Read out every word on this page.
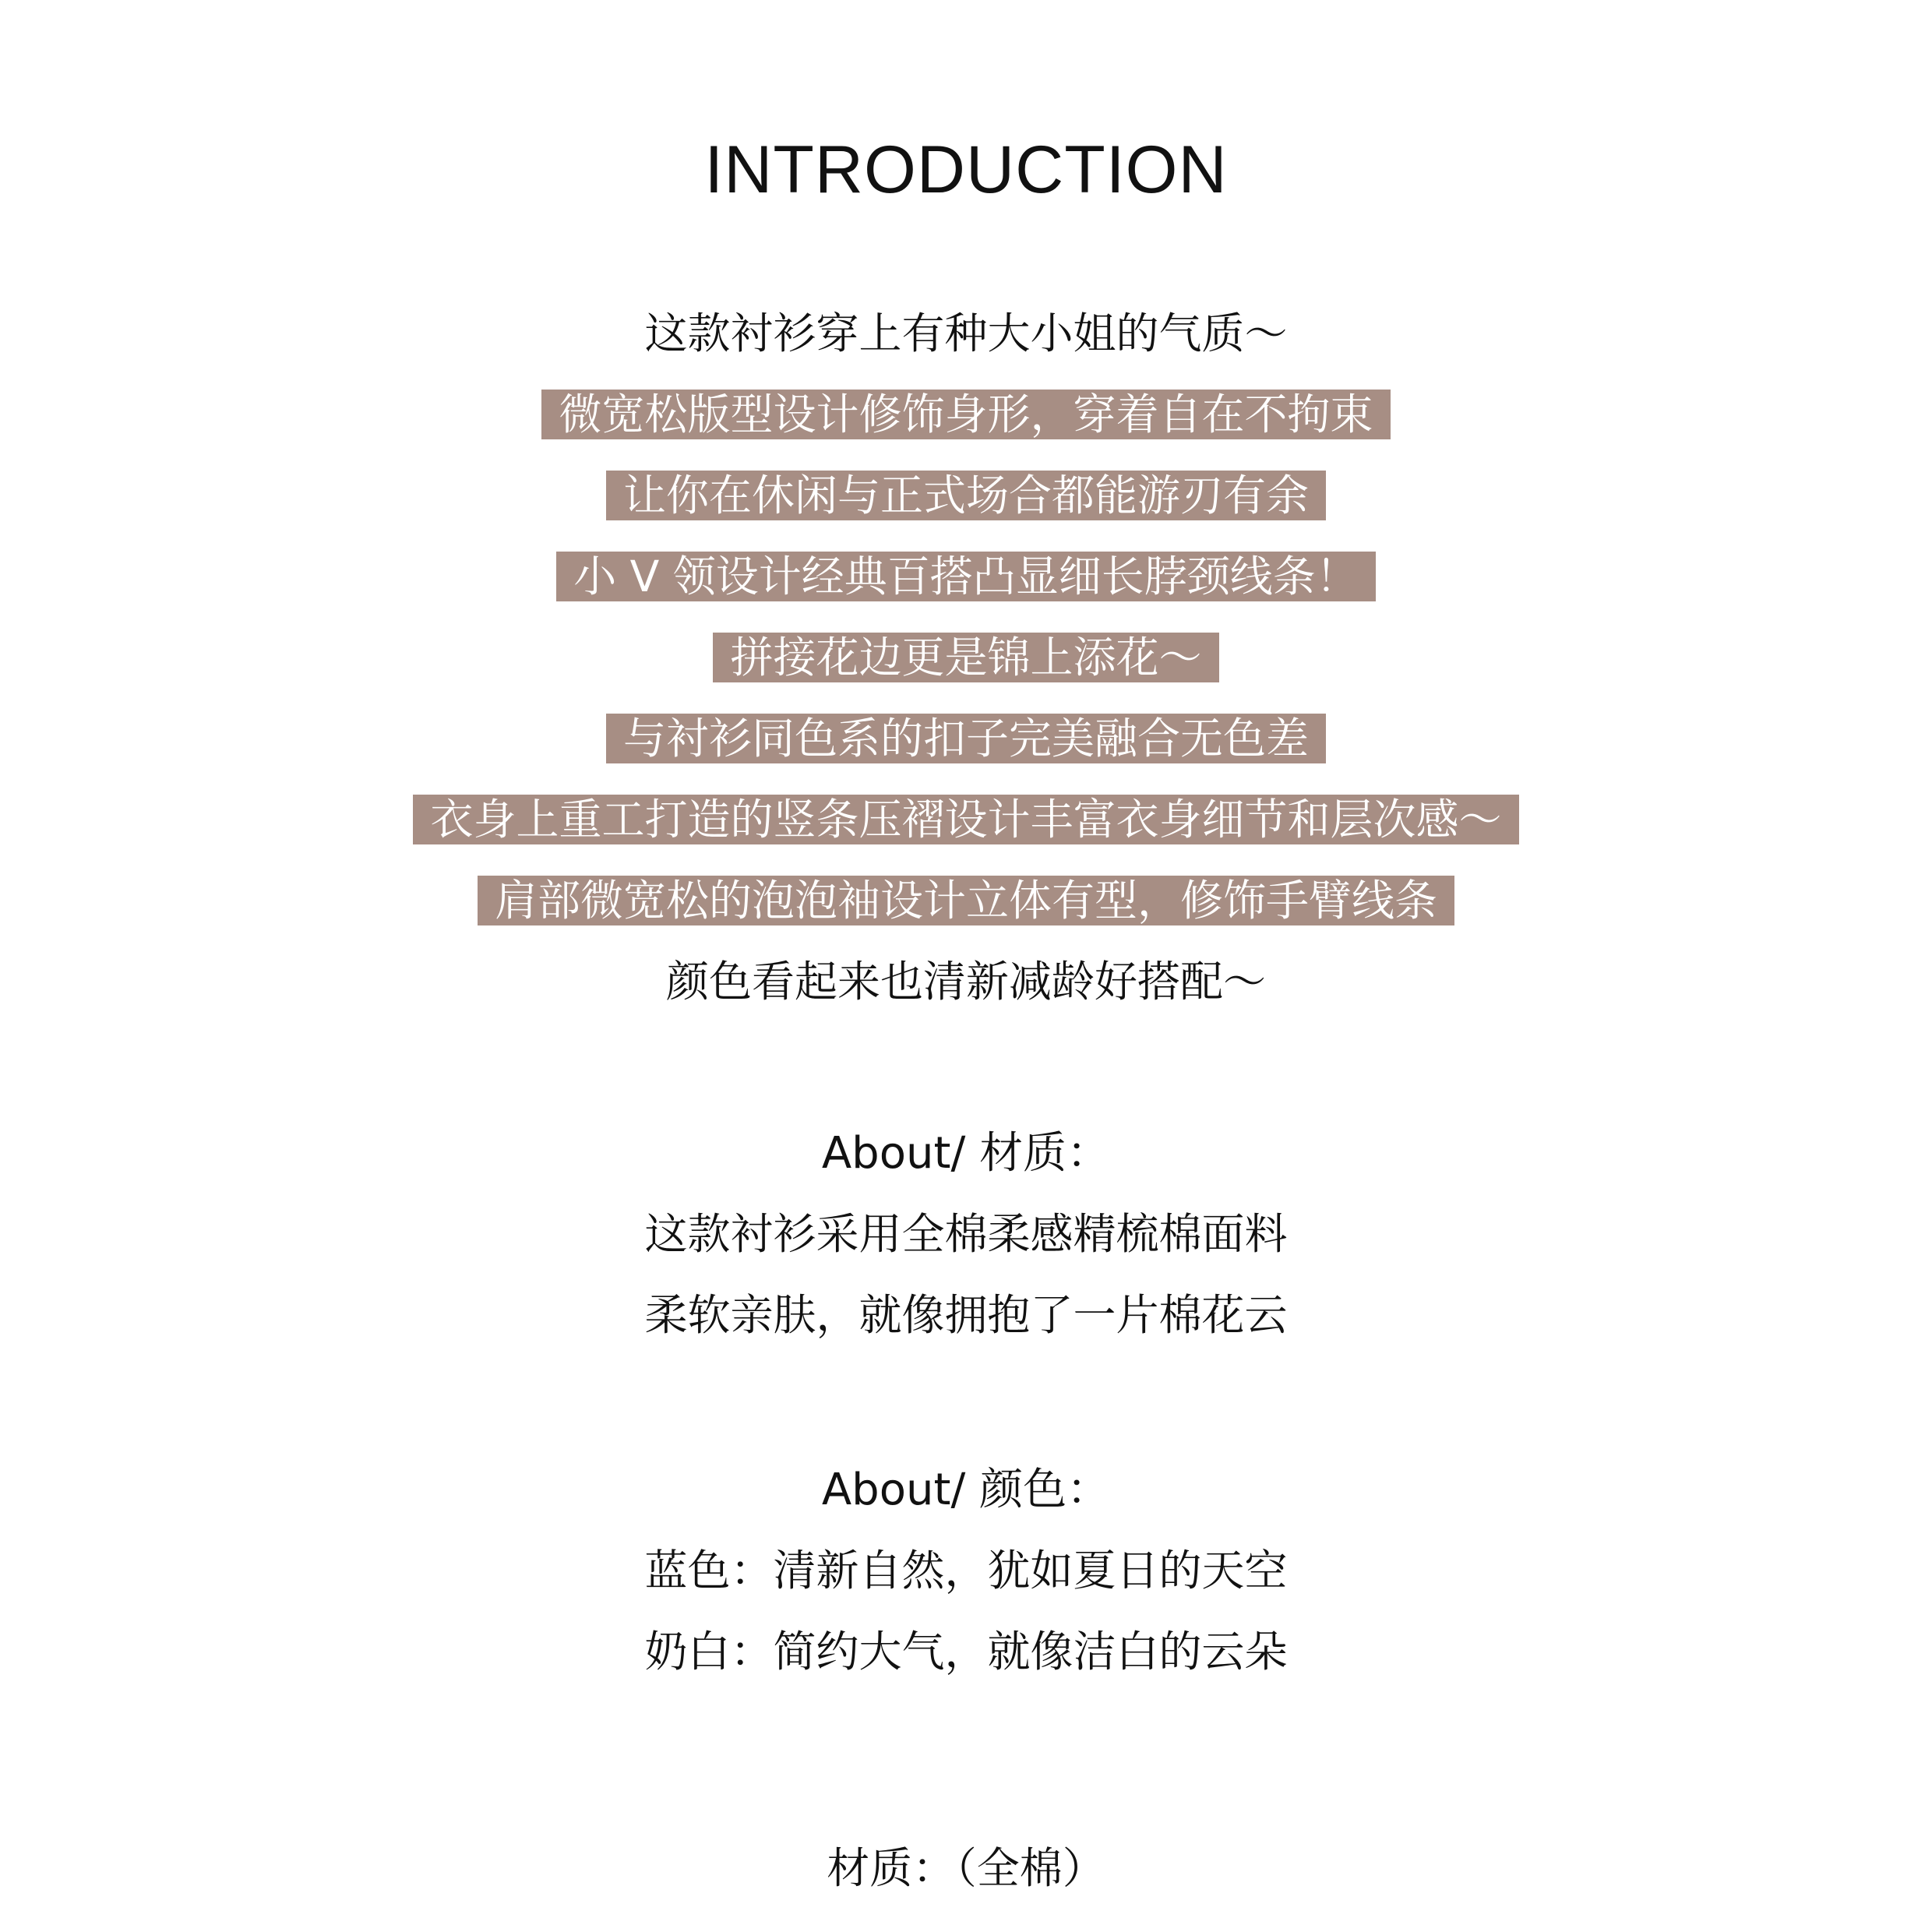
INTRODUCTION
这款衬衫穿上有种大小姐的气质～
微宽松版型设计修饰身形，穿着自在不拘束
让你在休闲与正式场合都能游刃有余
小 V 领设计经典百搭凸显细长脖颈线条！
拼接花边更是锦上添花～
与衬衫同色系的扣子完美融合无色差
衣身上重工打造的竖条压褶设计丰富衣身细节和层次感～
肩部微宽松的泡泡袖设计立体有型，修饰手臂线条
颜色看起来也清新减龄好搭配～
About/ 材质：
这款衬衫采用全棉柔感精梳棉面料
柔软亲肤，就像拥抱了一片棉花云
About/ 颜色：
蓝色：清新自然，犹如夏日的天空
奶白：简约大气，就像洁白的云朵
材质：（全棉）
